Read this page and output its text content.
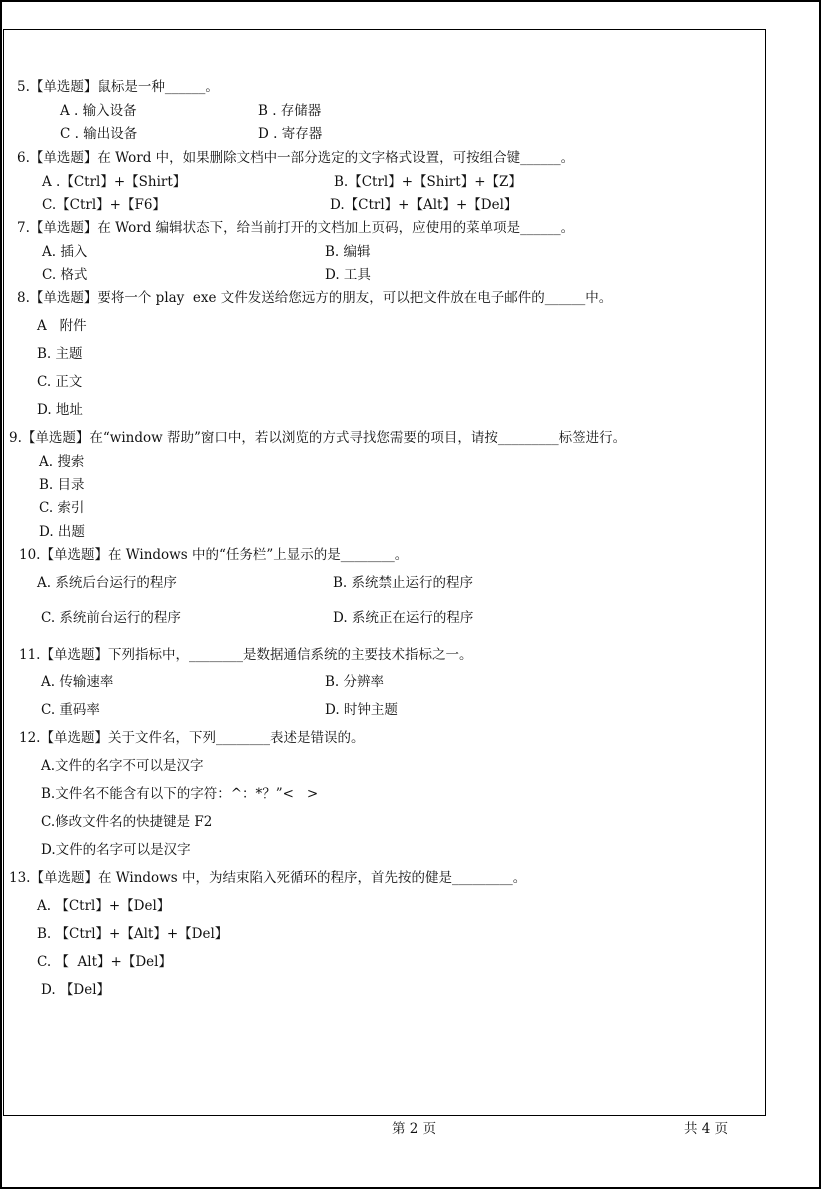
5.【单选题】鼠标是一种______。
A . 输入设备	B . 存储器
C . 输出设备	D . 寄存器
6.【单选题】在 Word 中，如果删除文档中一部分选定的文字格式设置，可按组合键______。
A .【Ctrl】+【Shirt】	B.【Ctrl】+【Shirt】+【Z】
C.【Ctrl】+【F6】	D.【Ctrl】+【Alt】+【Del】
7.【单选题】在 Word 编辑状态下，给当前打开的文档加上页码，应使用的菜单项是______。
A. 插入	B. 编辑
C. 格式	D. 工具
8.【单选题】要将一个 play  exe 文件发送给您远方的朋友，可以把文件放在电子邮件的______中。
A   附件
B. 主题
C. 正文
D. 地址
9.【单选题】在“window 帮助”窗口中，若以浏览的方式寻找您需要的项目，请按_________标签进行。
A. 搜索
B. 目录
C. 索引
D. 出题
10.【单选题】在 Windows 中的“任务栏”上显示的是________。
A. 系统后台运行的程序	B. 系统禁止运行的程序
C. 系统前台运行的程序	D. 系统正在运行的程序
11.【单选题】下列指标中，________是数据通信系统的主要技术指标之一。
A. 传输速率	B. 分辨率
C. 重码率	D. 时钟主题
12.【单选题】关于文件名，下列________表述是错误的。
A.文件的名字不可以是汉字
B.文件名不能含有以下的字符：^：*？”<   >
C.修改文件名的快捷键是 F2
D.文件的名字可以是汉字
13.【单选题】在 Windows 中，为结束陷入死循环的程序，首先按的健是_________。
A. 【Ctrl】+【Del】
B. 【Ctrl】+【Alt】+【Del】
C. 【  Alt】+【Del】
D. 【Del】
第 2 页	共 4 页
